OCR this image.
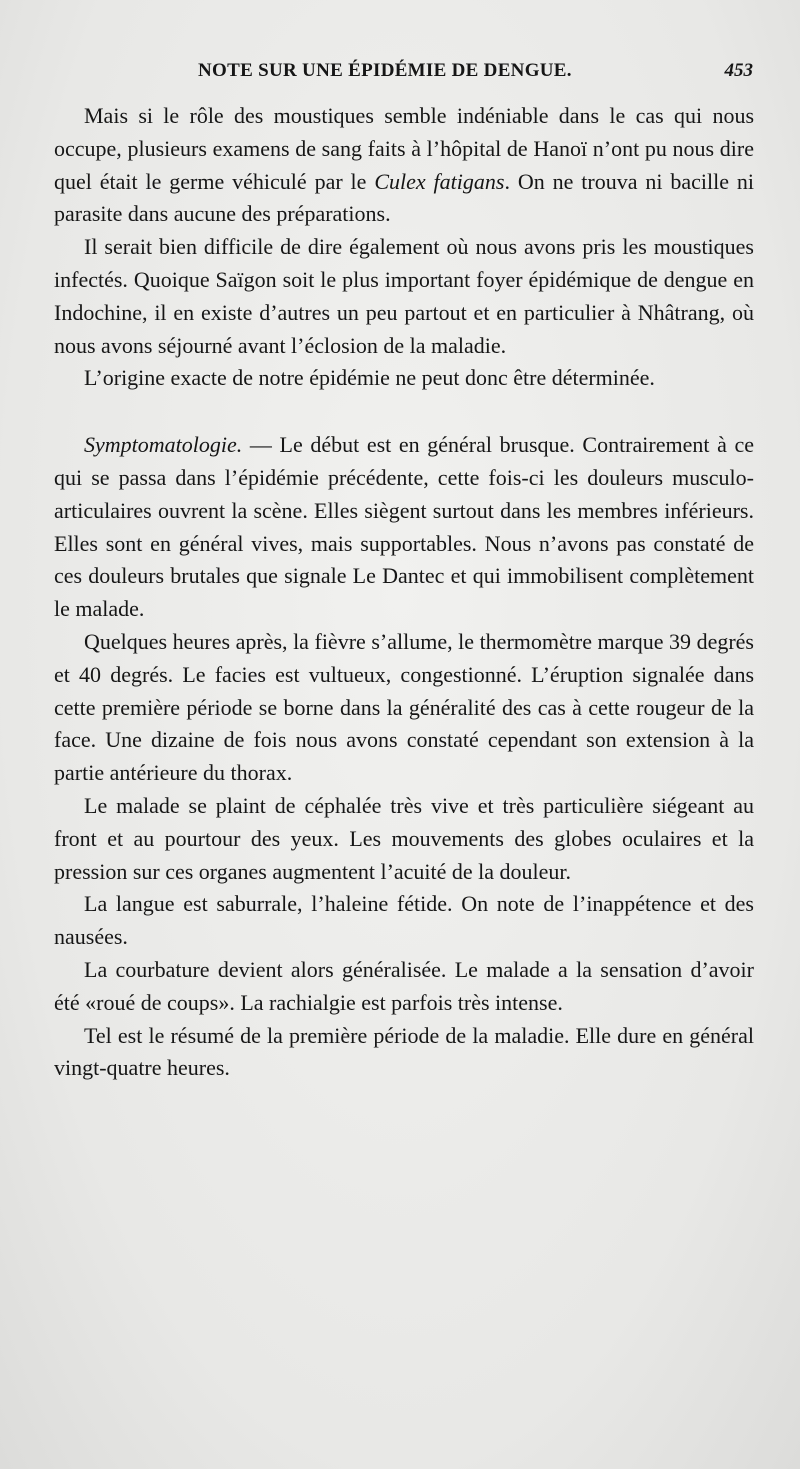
NOTE SUR UNE ÉPIDÉMIE DE DENGUE.	453

Mais si le rôle des moustiques semble indéniable dans le cas qui nous occupe, plusieurs examens de sang faits à l’hôpital de Hanoï n’ont pu nous dire quel était le germe véhiculé par le Culex fatigans. On ne trouva ni bacille ni parasite dans aucune des préparations.

Il serait bien difficile de dire également où nous avons pris les moustiques infectés. Quoique Saïgon soit le plus important foyer épidémique de dengue en Indochine, il en existe d’autres un peu partout et en particulier à Nhâtrang, où nous avons séjourné avant l’éclosion de la maladie.

L’origine exacte de notre épidémie ne peut donc être déterminée.

Symptomatologie. — Le début est en général brusque. Contrairement à ce qui se passa dans l’épidémie précédente, cette fois-ci les douleurs musculo-articulaires ouvrent la scène. Elles siègent surtout dans les membres inférieurs. Elles sont en général vives, mais supportables. Nous n’avons pas constaté de ces douleurs brutales que signale Le Dantec et qui immobilisent complètement le malade.

Quelques heures après, la fièvre s’allume, le thermomètre marque 39 degrés et 40 degrés. Le facies est vultueux, congestionné. L’éruption signalée dans cette première période se borne dans la généralité des cas à cette rougeur de la face. Une dizaine de fois nous avons constaté cependant son extension à la partie antérieure du thorax.

Le malade se plaint de céphalée très vive et très particulière siégeant au front et au pourtour des yeux. Les mouvements des globes oculaires et la pression sur ces organes augmentent l’acuité de la douleur.

La langue est saburrale, l’haleine fétide. On note de l’inappétence et des nausées.

La courbature devient alors généralisée. Le malade a la sensation d’avoir été «roué de coups». La rachialgie est parfois très intense.

Tel est le résumé de la première période de la maladie. Elle dure en général vingt-quatre heures.
